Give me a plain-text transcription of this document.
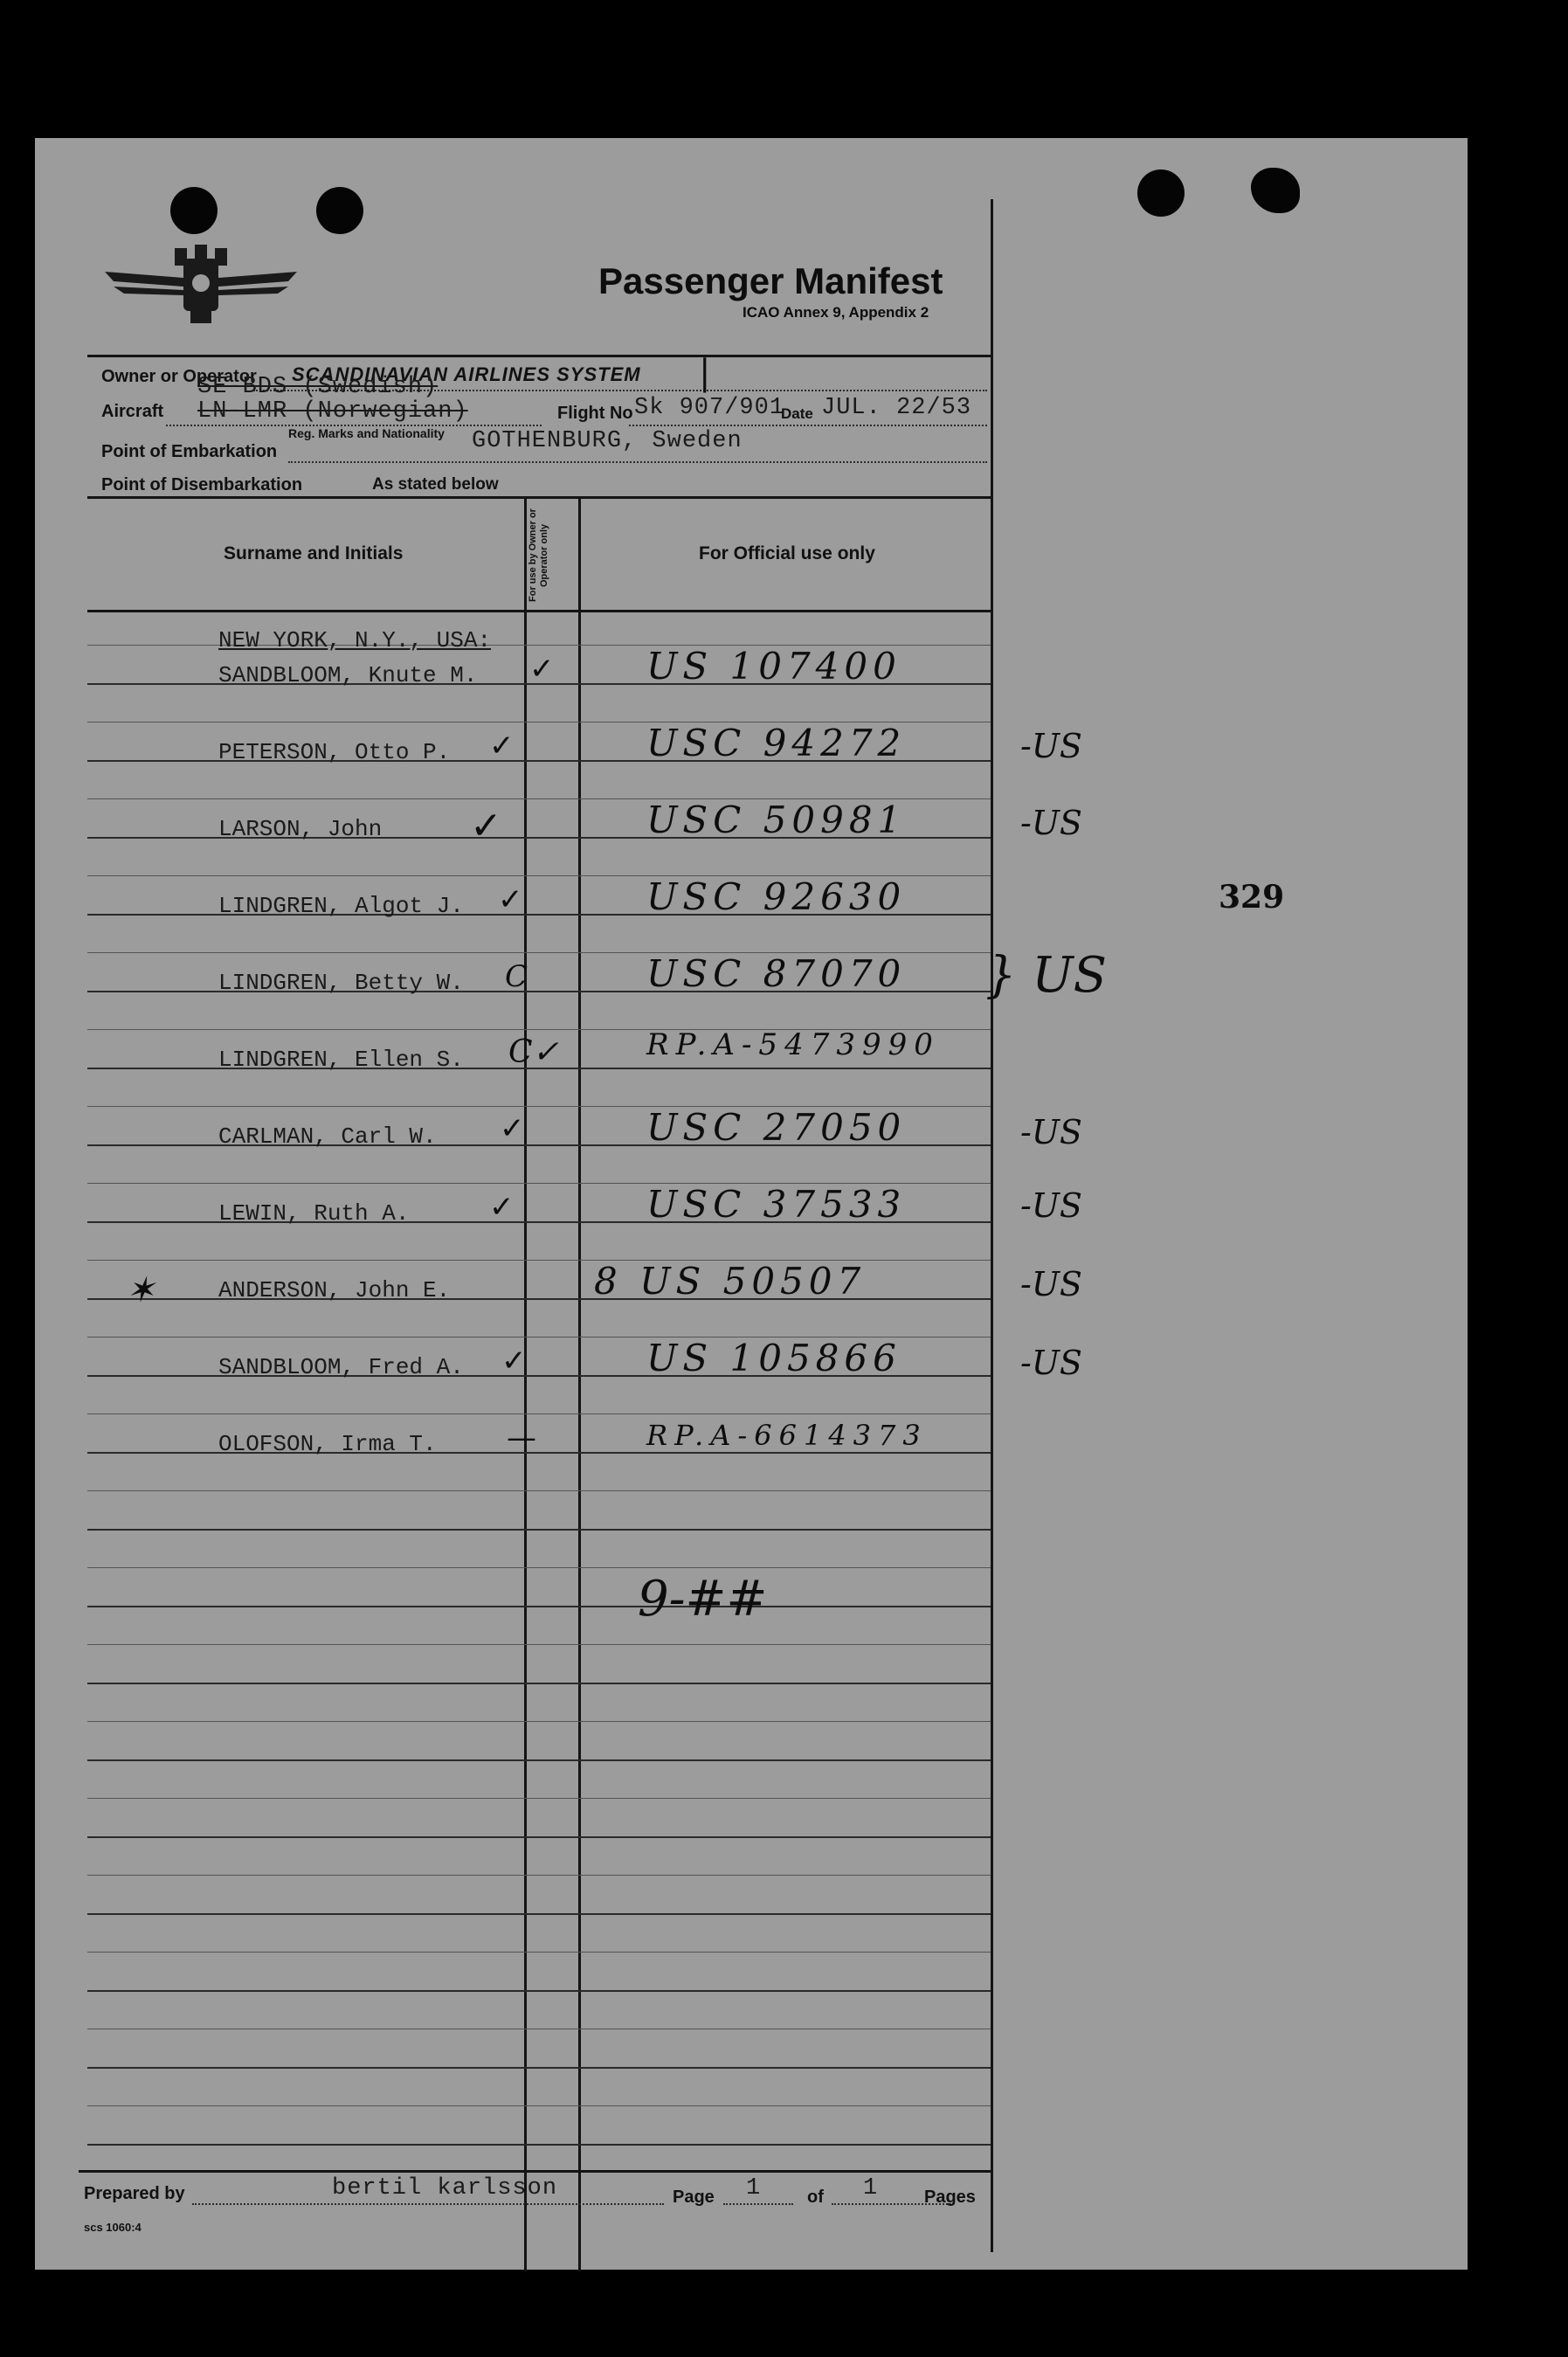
Passenger Manifest
ICAO Annex 9, Appendix 2
Owner or Operator SCANDINAVIAN AIRLINES SYSTEM |
Aircraft
SE-BDS (Swedish)
LN-LMR (Norwegian)
Reg. Marks and Nationality
Flight No Sk 907/901
Date JUL. 22/53
Point of Embarkation	GOTHENBURG, Sweden
Point of Disembarkation	As stated below
Surname and Initials	For use by Owner or Operator only	For Official use only
NEW YORK, N.Y., USA:
SANDBLOOM, Knute M. ✓	US 107400
PETERSON, Otto P. ✓	USC 94272	-US
LARSON, John ✓	USC 50981	-US
LINDGREN, Algot J. ✓	USC 92630
LINDGREN, Betty W. C	USC 87070 } US
LINDGREN, Ellen S. C✓	RP.A-5473990
CARLMAN, Carl W. ✓	USC 27050	-US
LEWIN, Ruth A.	✓	USC 37533	-US
ANDERSON, John E.	8 US 50507	-US
SANDBLOOM, Fred A. ✓	US 105866	-US
OLOFSON, Irma T. —	RP.A-6614373
✶
9-##
329
Prepared by	bertil karlsson	Page 1	of 1	Pages
scs 1060:4
